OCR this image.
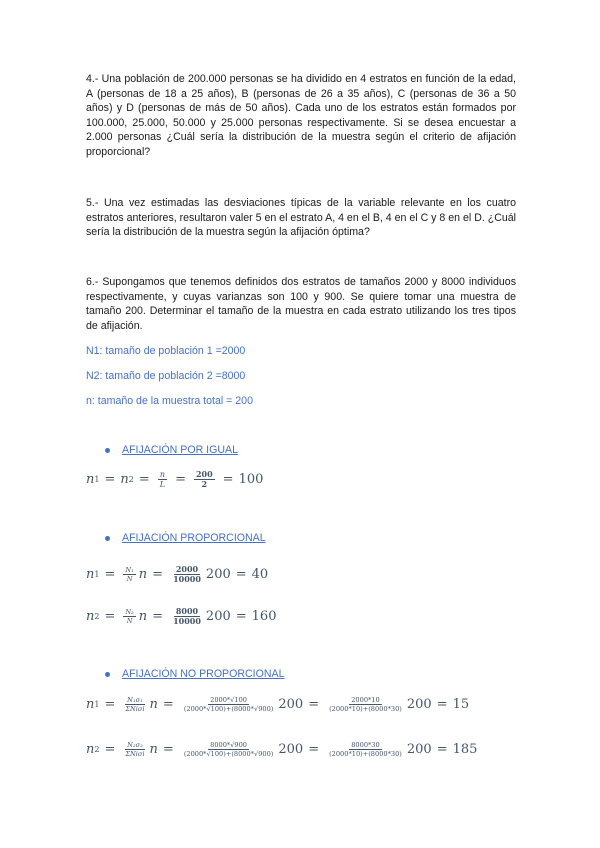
4.- Una población de 200.000 personas se ha dividido en 4 estratos en función de la edad, A (personas de 18 a 25 años), B (personas de 26 a 35 años), C (personas de 36 a 50 años) y D (personas de más de 50 años). Cada uno de los estratos están formados por 100.000, 25.000, 50.000 y 25.000 personas respectivamente. Si se desea encuestar a 2.000 personas ¿Cuál sería la distribución de la muestra según el criterio de afijación proporcional?
5.- Una vez estimadas las desviaciones típicas de la variable relevante en los cuatro estratos anteriores, resultaron valer 5 en el estrato A, 4 en el B, 4 en el C y 8 en el D. ¿Cuál sería la distribución de la muestra según la afijación óptima?
6.- Supongamos que tenemos definidos dos estratos de tamaños 2000 y 8000 individuos respectivamente, y cuyas varianzas son 100 y 900. Se quiere tomar una muestra de tamaño 200. Determinar el tamaño de la muestra en cada estrato utilizando los tres tipos de afijación.
N1: tamaño de población 1 =2000
N2: tamaño de población 2 =8000
n: tamaño de la muestra total = 200
AFIJACIÓN POR IGUAL
n 1 = n $2 = \frac{n}{L} = \frac{200}{2} = 100$
AFIJACIÓN PROPORCIONAL
n $1 = \frac{\text{N₁}}{N}$ $n = \frac{2000}{10000} 200 = 40$
n $2 = \frac{\text{N₂}}{N}$ $n = \frac{8000}{10000} 200 = 160$
AFIJACIÓN NO PROPORCIONAL
n $1 = \frac{\text{N₁σ₁}}{\text{ΣNiσi}}$ $n = \frac{2000*√100}{(2000*√100)+(8000*√900)} 200 = \frac{2000*10}{(2000*10)+(8000*30)} 200 = 15$
n $2 = \frac{\text{N₂σ₂}}{\text{ΣNiσi}}$ $n = \frac{8000*√900}{(2000*√100)+(8000*√900)} 200 = \frac{8000*30}{(2000*10)+(8000*30)} 200 = 185$
